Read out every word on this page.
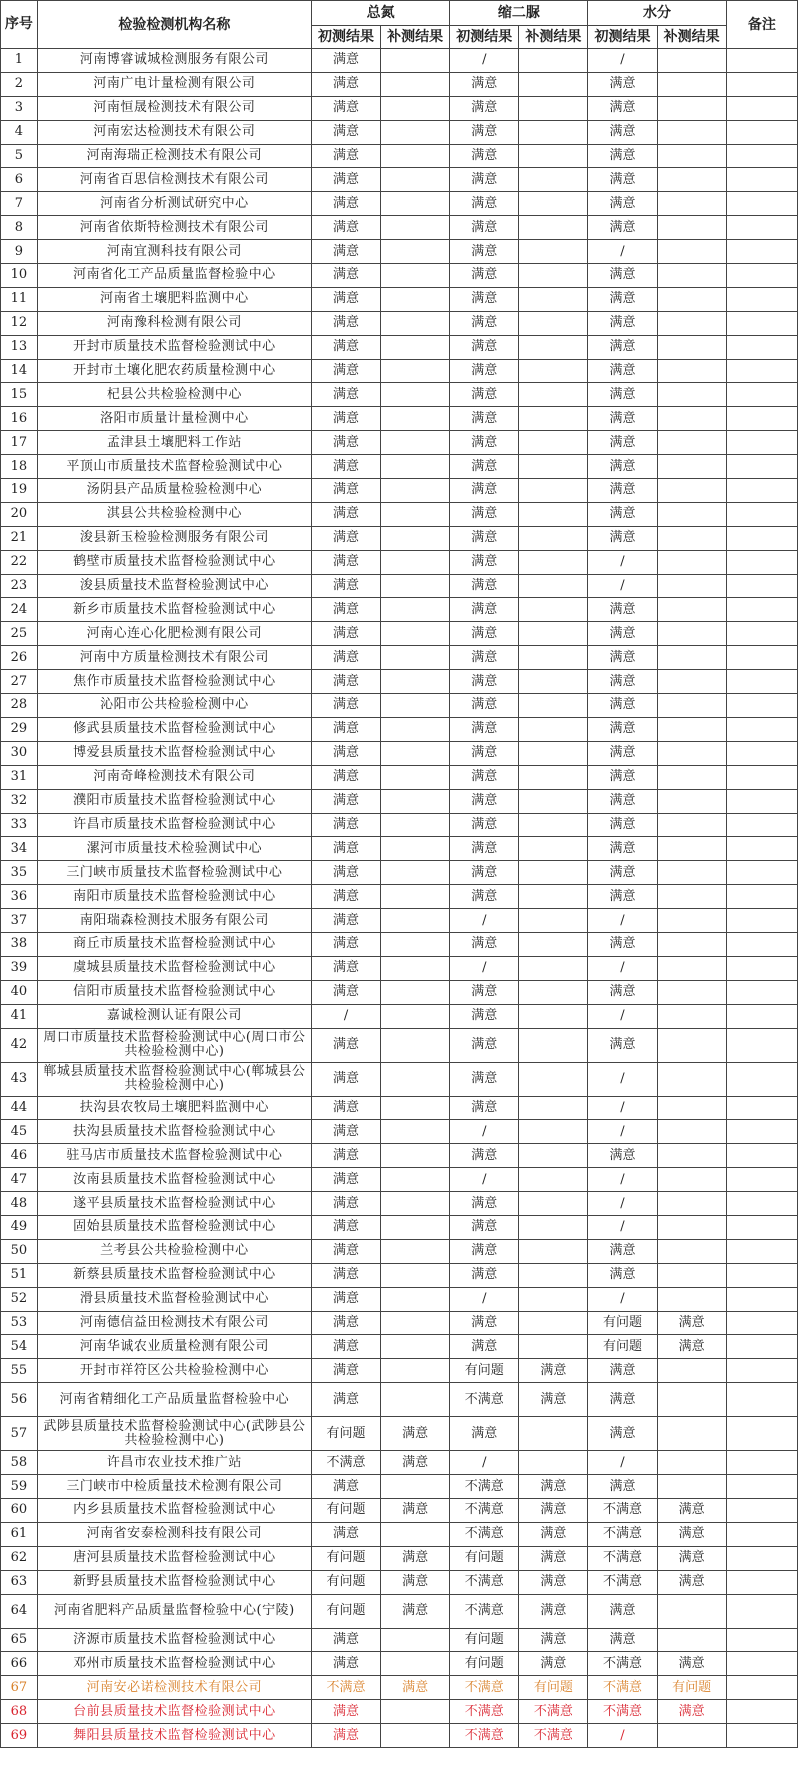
序号	检验检测机构名称	总氮		缩二脲		水分		备注
		初测结果	补测结果	初测结果	补测结果	初测结果	补测结果	
1	河南博睿诚城检测服务有限公司	满意		/		/		
2	河南广电计量检测有限公司	满意		满意		满意		
3	河南恒晟检测技术有限公司	满意		满意		满意		
4	河南宏达检测技术有限公司	满意		满意		满意		
5	河南海瑞正检测技术有限公司	满意		满意		满意		
6	河南省百思信检测技术有限公司	满意		满意		满意		
7	河南省分析测试研究中心	满意		满意		满意		
8	河南省依斯特检测技术有限公司	满意		满意		满意		
9	河南宜测科技有限公司	满意		满意		/		
10	河南省化工产品质量监督检验中心	满意		满意		满意		
11	河南省土壤肥料监测中心	满意		满意		满意		
12	河南豫科检测有限公司	满意		满意		满意		
13	开封市质量技术监督检验测试中心	满意		满意		满意		
14	开封市土壤化肥农药质量检测中心	满意		满意		满意		
15	杞县公共检验检测中心	满意		满意		满意		
16	洛阳市质量计量检测中心	满意		满意		满意		
17	孟津县土壤肥料工作站	满意		满意		满意		
18	平顶山市质量技术监督检验测试中心	满意		满意		满意		
19	汤阴县产品质量检验检测中心	满意		满意		满意		
20	淇县公共检验检测中心	满意		满意		满意		
21	浚县新玉检验检测服务有限公司	满意		满意		满意		
22	鹤壁市质量技术监督检验测试中心	满意		满意		/		
23	浚县质量技术监督检验测试中心	满意		满意		/		
24	新乡市质量技术监督检验测试中心	满意		满意		满意		
25	河南心连心化肥检测有限公司	满意		满意		满意		
26	河南中方质量检测技术有限公司	满意		满意		满意		
27	焦作市质量技术监督检验测试中心	满意		满意		满意		
28	沁阳市公共检验检测中心	满意		满意		满意		
29	修武县质量技术监督检验测试中心	满意		满意		满意		
30	博爱县质量技术监督检验测试中心	满意		满意		满意		
31	河南奇峰检测技术有限公司	满意		满意		满意		
32	濮阳市质量技术监督检验测试中心	满意		满意		满意		
33	许昌市质量技术监督检验测试中心	满意		满意		满意		
34	漯河市质量技术检验测试中心	满意		满意		满意		
35	三门峡市质量技术监督检验测试中心	满意		满意		满意		
36	南阳市质量技术监督检验测试中心	满意		满意		满意		
37	南阳瑞森检测技术服务有限公司	满意		/		/		
38	商丘市质量技术监督检验测试中心	满意		满意		满意		
39	虞城县质量技术监督检验测试中心	满意		/		/		
40	信阳市质量技术监督检验测试中心	满意		满意		满意		
41	嘉诚检测认证有限公司	/		满意		/		
42	周口市质量技术监督检验测试中心(周口市公共检验检测中心)	满意		满意		满意		
43	郸城县质量技术监督检验测试中心(郸城县公共检验检测中心)	满意		满意		/		
44	扶沟县农牧局土壤肥料监测中心	满意		满意		/		
45	扶沟县质量技术监督检验测试中心	满意		/		/		
46	驻马店市质量技术监督检验测试中心	满意		满意		满意		
47	汝南县质量技术监督检验测试中心	满意		/		/		
48	遂平县质量技术监督检验测试中心	满意		满意		/		
49	固始县质量技术监督检验测试中心	满意		满意		/		
50	兰考县公共检验检测中心	满意		满意		满意		
51	新蔡县质量技术监督检验测试中心	满意		满意		满意		
52	滑县质量技术监督检验测试中心	满意		/		/		
53	河南德信益田检测技术有限公司	满意		满意		有问题	满意	
54	河南华诚农业质量检测有限公司	满意		满意		有问题	满意	
55	开封市祥符区公共检验检测中心	满意		有问题	满意	满意		
56	河南省精细化工产品质量监督检验中心	满意		不满意	满意	满意		
57	武陟县质量技术监督检验测试中心(武陟县公共检验检测中心)	有问题	满意	满意		满意		
58	许昌市农业技术推广站	不满意	满意	/		/		
59	三门峡市中检质量技术检测有限公司	满意		不满意	满意	满意		
60	内乡县质量技术监督检验测试中心	有问题	满意	不满意	满意	不满意	满意	
61	河南省安泰检测科技有限公司	满意		不满意	满意	不满意	满意	
62	唐河县质量技术监督检验测试中心	有问题	满意	有问题	满意	不满意	满意	
63	新野县质量技术监督检验测试中心	有问题	满意	不满意	满意	不满意	满意	
64	河南省肥料产品质量监督检验中心(宁陵)	有问题	满意	不满意	满意	满意		
65	济源市质量技术监督检验测试中心	满意		有问题	满意	满意		
66	邓州市质量技术监督检验测试中心	满意		有问题	满意	不满意	满意	
67	河南安必诺检测技术有限公司	不满意	满意	不满意	有问题	不满意	有问题	
68	台前县质量技术监督检验测试中心	满意		不满意	不满意	不满意	满意	
69	舞阳县质量技术监督检验测试中心	满意		不满意	不满意	/		
